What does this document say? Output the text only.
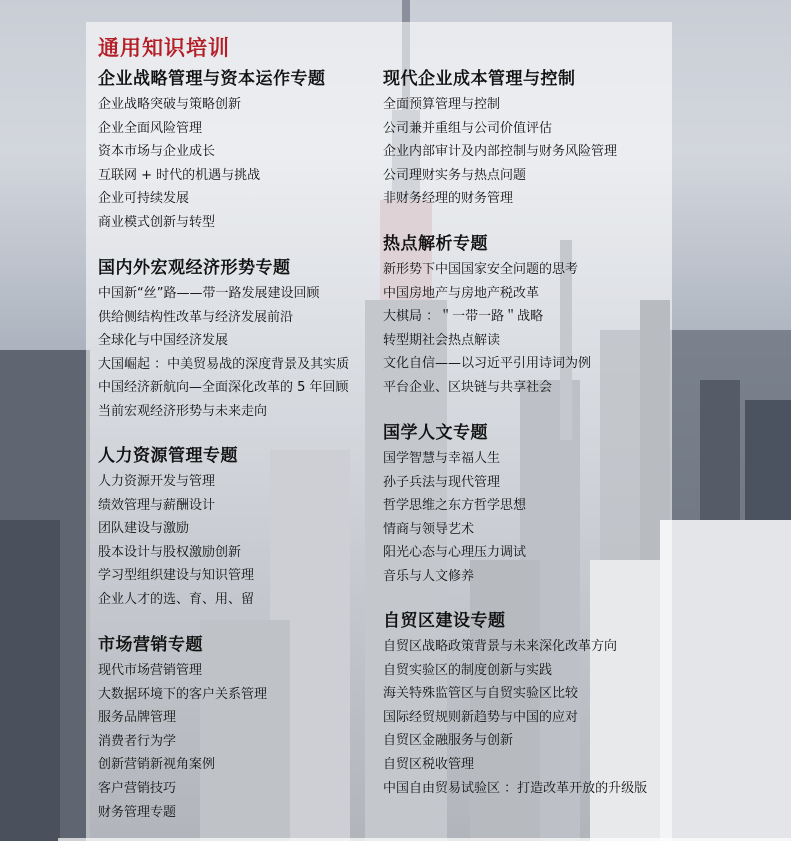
通用知识培训
企业战略管理与资本运作专题
企业战略突破与策略创新
企业全面风险管理
资本市场与企业成长
互联网 + 时代的机遇与挑战
企业可持续发展
商业模式创新与转型
国内外宏观经济形势专题
中国新“丝”路——带一路发展建设回顾
供给侧结构性改革与经济发展前沿
全球化与中国经济发展
大国崛起 ：中美贸易战的深度背景及其实质
中国经济新航向—全面深化改革的 5 年回顾
当前宏观经济形势与未来走向
人力资源管理专题
人力资源开发与管理
绩效管理与薪酬设计
团队建设与激励
股本设计与股权激励创新
学习型组织建设与知识管理
企业人才的选、育、用、留
市场营销专题
现代市场营销管理
大数据环境下的客户关系管理
服务品牌管理
消费者行为学
创新营销新视角案例
客户营销技巧
财务管理专题
现代企业成本管理与控制
全面预算管理与控制
公司兼并重组与公司价值评估
企业内部审计及内部控制与财务风险管理
公司理财实务与热点问题
非财务经理的财务管理
热点解析专题
新形势下中国国家安全问题的思考
中国房地产与房地产税改革
大棋局 ：＂一带一路＂战略
转型期社会热点解读
文化自信——以习近平引用诗词为例
平台企业、区块链与共享社会
国学人文专题
国学智慧与幸福人生
孙子兵法与现代管理
哲学思维之东方哲学思想
情商与领导艺术
阳光心态与心理压力调试
音乐与人文修养
自贸区建设专题
自贸区战略政策背景与未来深化改革方向
自贸实验区的制度创新与实践
海关特殊监管区与自贸实验区比较
国际经贸规则新趋势与中国的应对
自贸区金融服务与创新
自贸区税收管理
中国自由贸易试验区 ：打造改革开放的升级版
